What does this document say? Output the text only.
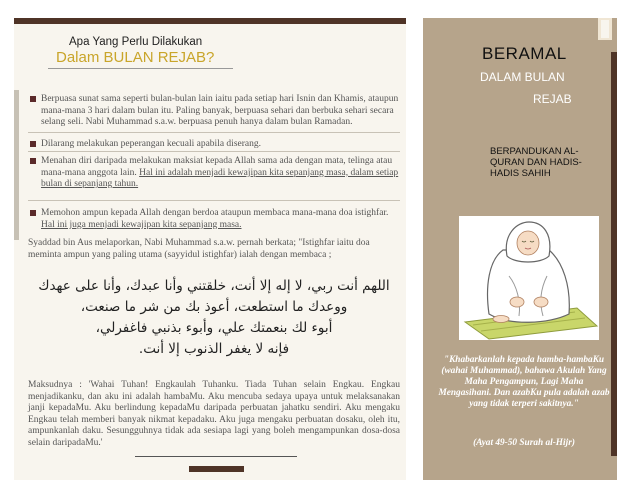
Apa Yang Perlu Dilakukan
Dalam BULAN REJAB?
Berpuasa sunat sama seperti bulan-bulan lain iaitu pada setiap hari Isnin dan Khamis, ataupun mana-mana 3 hari dalam bulan itu. Paling banyak, berpuasa sehari dan berbuka sehari secara selang seli. Nabi Muhammad s.a.w. berpuasa penuh hanya dalam bulan Ramadan.
Dilarang melakukan peperangan kecuali apabila diserang.
Menahan diri daripada melakukan maksiat kepada Allah sama ada dengan mata, telinga atau mana-mana anggota lain. Hal ini adalah menjadi kewajipan kita sepanjang masa, dalam setiap bulan di sepanjang tahun.
Memohon ampun kepada Allah dengan berdoa ataupun membaca mana-mana doa istighfar. Hal ini juga menjadi kewajipan kita sepanjang masa.
Syaddad bin Aus melaporkan, Nabi Muhammad s.a.w. pernah berkata; "Istighfar iaitu doa meminta ampun yang paling utama (sayyidul istighfar) ialah dengan membaca ;
اللهم أنت ربي، لا إله إلا أنت، خلقتني وأنا عبدك، وأنا على عهدك
ووعدك ما استطعت، أعوذ بك من شر ما صنعت،
أبوء لك بنعمتك علي، وأبوء بذنبي فاغفرلي،
فإنه لا يغفر الذنوب إلا أنت.
Maksudnya : 'Wahai Tuhan! Engkaulah Tuhanku. Tiada Tuhan selain Engkau. Engkau menjadikanku, dan aku ini adalah hambaMu. Aku mencuba sedaya upaya untuk melaksanakan janji kepadaMu. Aku berlindung kepadaMu daripada perbuatan jahatku sendiri. Aku mengaku Engkau telah memberi banyak nikmat kepadaku. Aku juga mengaku perbuatan dosaku, oleh itu, ampunkanlah daku. Sesungguhnya tidak ada sesiapa lagi yang boleh mengampunkan dosa-dosa selain daripadaMu.'
BERAMAL
DALAM BULAN
REJAB
BERPANDUKAN AL-QURAN DAN HADIS-HADIS SAHIH
"Khabarkanlah kepada hamba-hambaKu (wahai Muhammad), bahawa Akulah Yang Maha Pengampun, Lagi Maha Mengasihani. Dan azabKu pula adalah azab yang tidak terperi sakitnya."
(Ayat 49-50 Surah al-Hijr)
